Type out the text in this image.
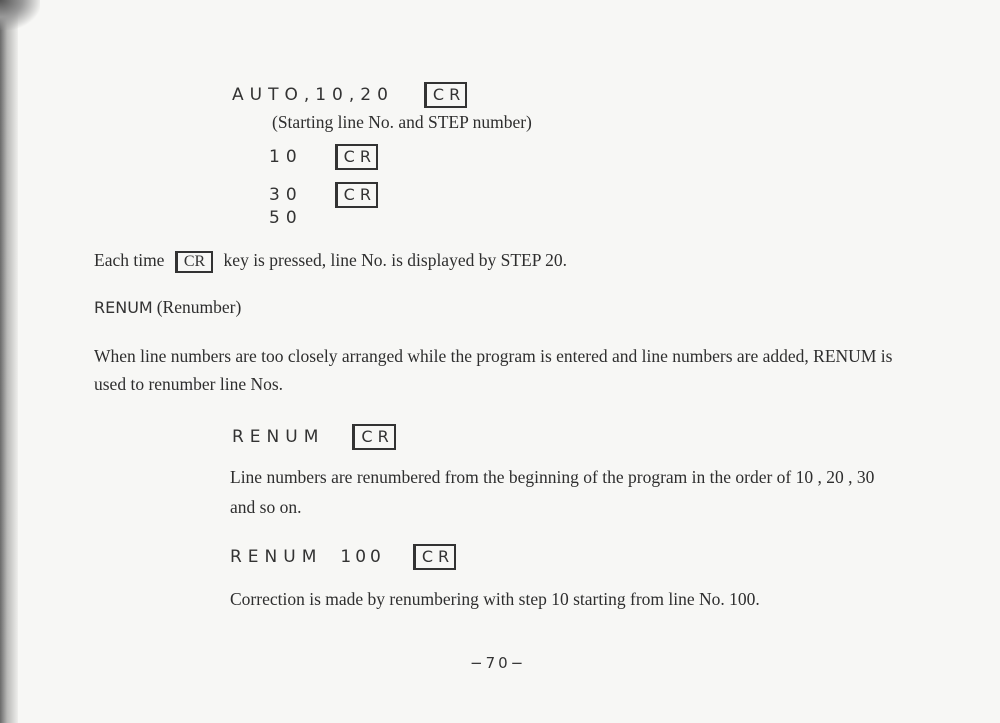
AUTO,10,20 CR
(Starting line No. and STEP number)
10	CR
30	CR
50
Each time CR key is pressed, line No. is displayed by STEP 20.
RENUM (Renumber)
When line numbers are too closely arranged while the program is entered and line numbers are added, RENUM is used to renumber line Nos.
RENUM CR
Line numbers are renumbered from the beginning of the program in the order of 10 , 20 , 30 and so on.
RENUM 100 CR
Correction is made by renumbering with step 10 starting from line No. 100.
−70−
